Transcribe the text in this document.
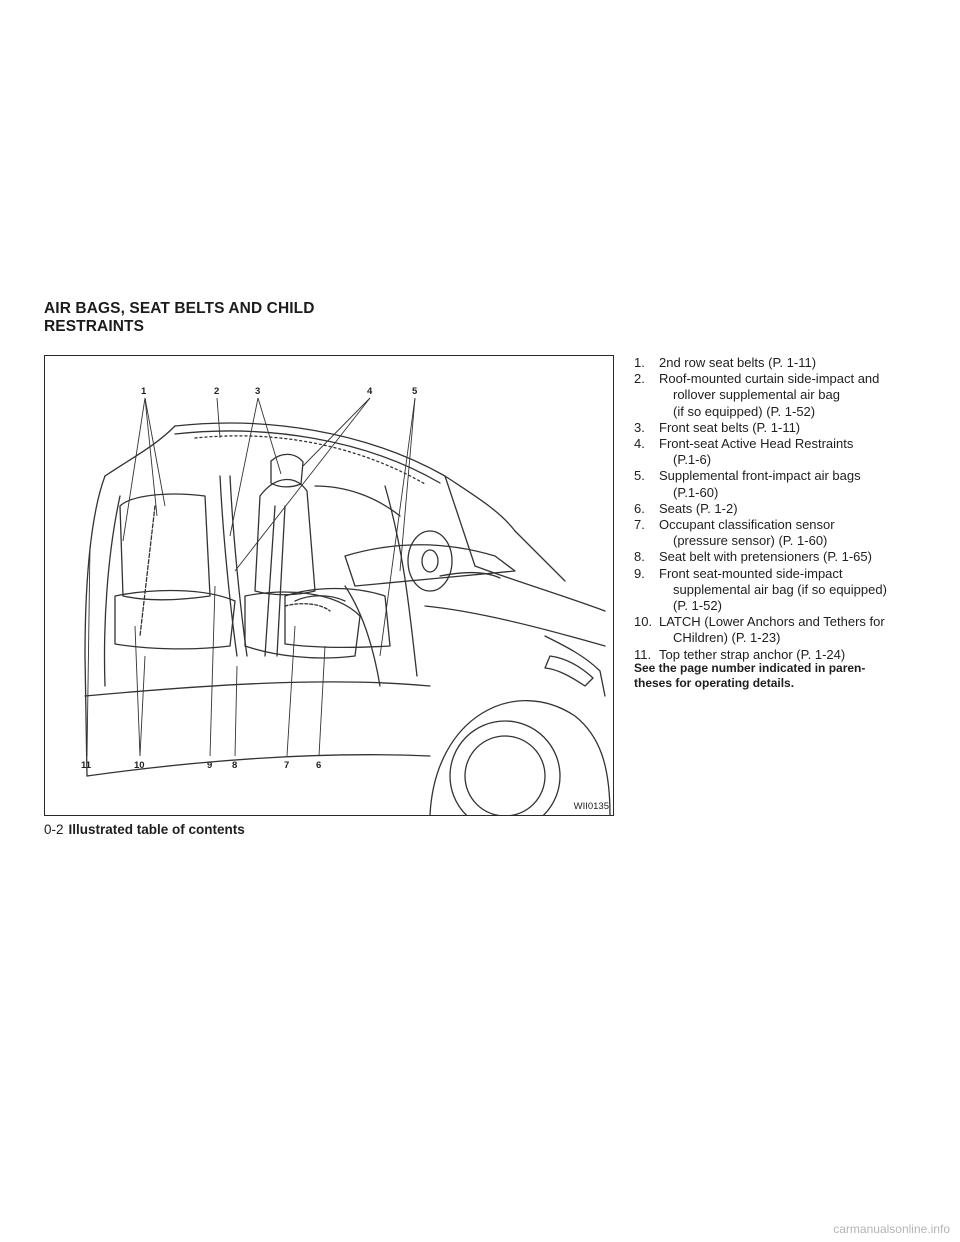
AIR BAGS, SEAT BELTS AND CHILD
RESTRAINTS
1	2	3	4	5
6
7
8
9
10
11
WII0135
1. 2nd row seat belts (P. 1-11)
2. Roof-mounted curtain side-impact and
rollover supplemental air bag
(if so equipped) (P. 1-52)
3. Front seat belts (P. 1-11)
4. Front-seat Active Head Restraints
(P.1-6)
5. Supplemental front-impact air bags
(P.1-60)
6. Seats (P. 1-2)
7. Occupant classification sensor
(pressure sensor) (P. 1-60)
8. Seat belt with pretensioners (P. 1-65)
9. Front seat-mounted side-impact
supplemental air bag (if so equipped)
(P. 1-52)
10. LATCH (Lower Anchors and Tethers for
CHildren) (P. 1-23)
11. Top tether strap anchor (P. 1-24)
See the page number indicated in paren-
theses for operating details.
0-2 Illustrated table of contents
carmanualsonline.info
